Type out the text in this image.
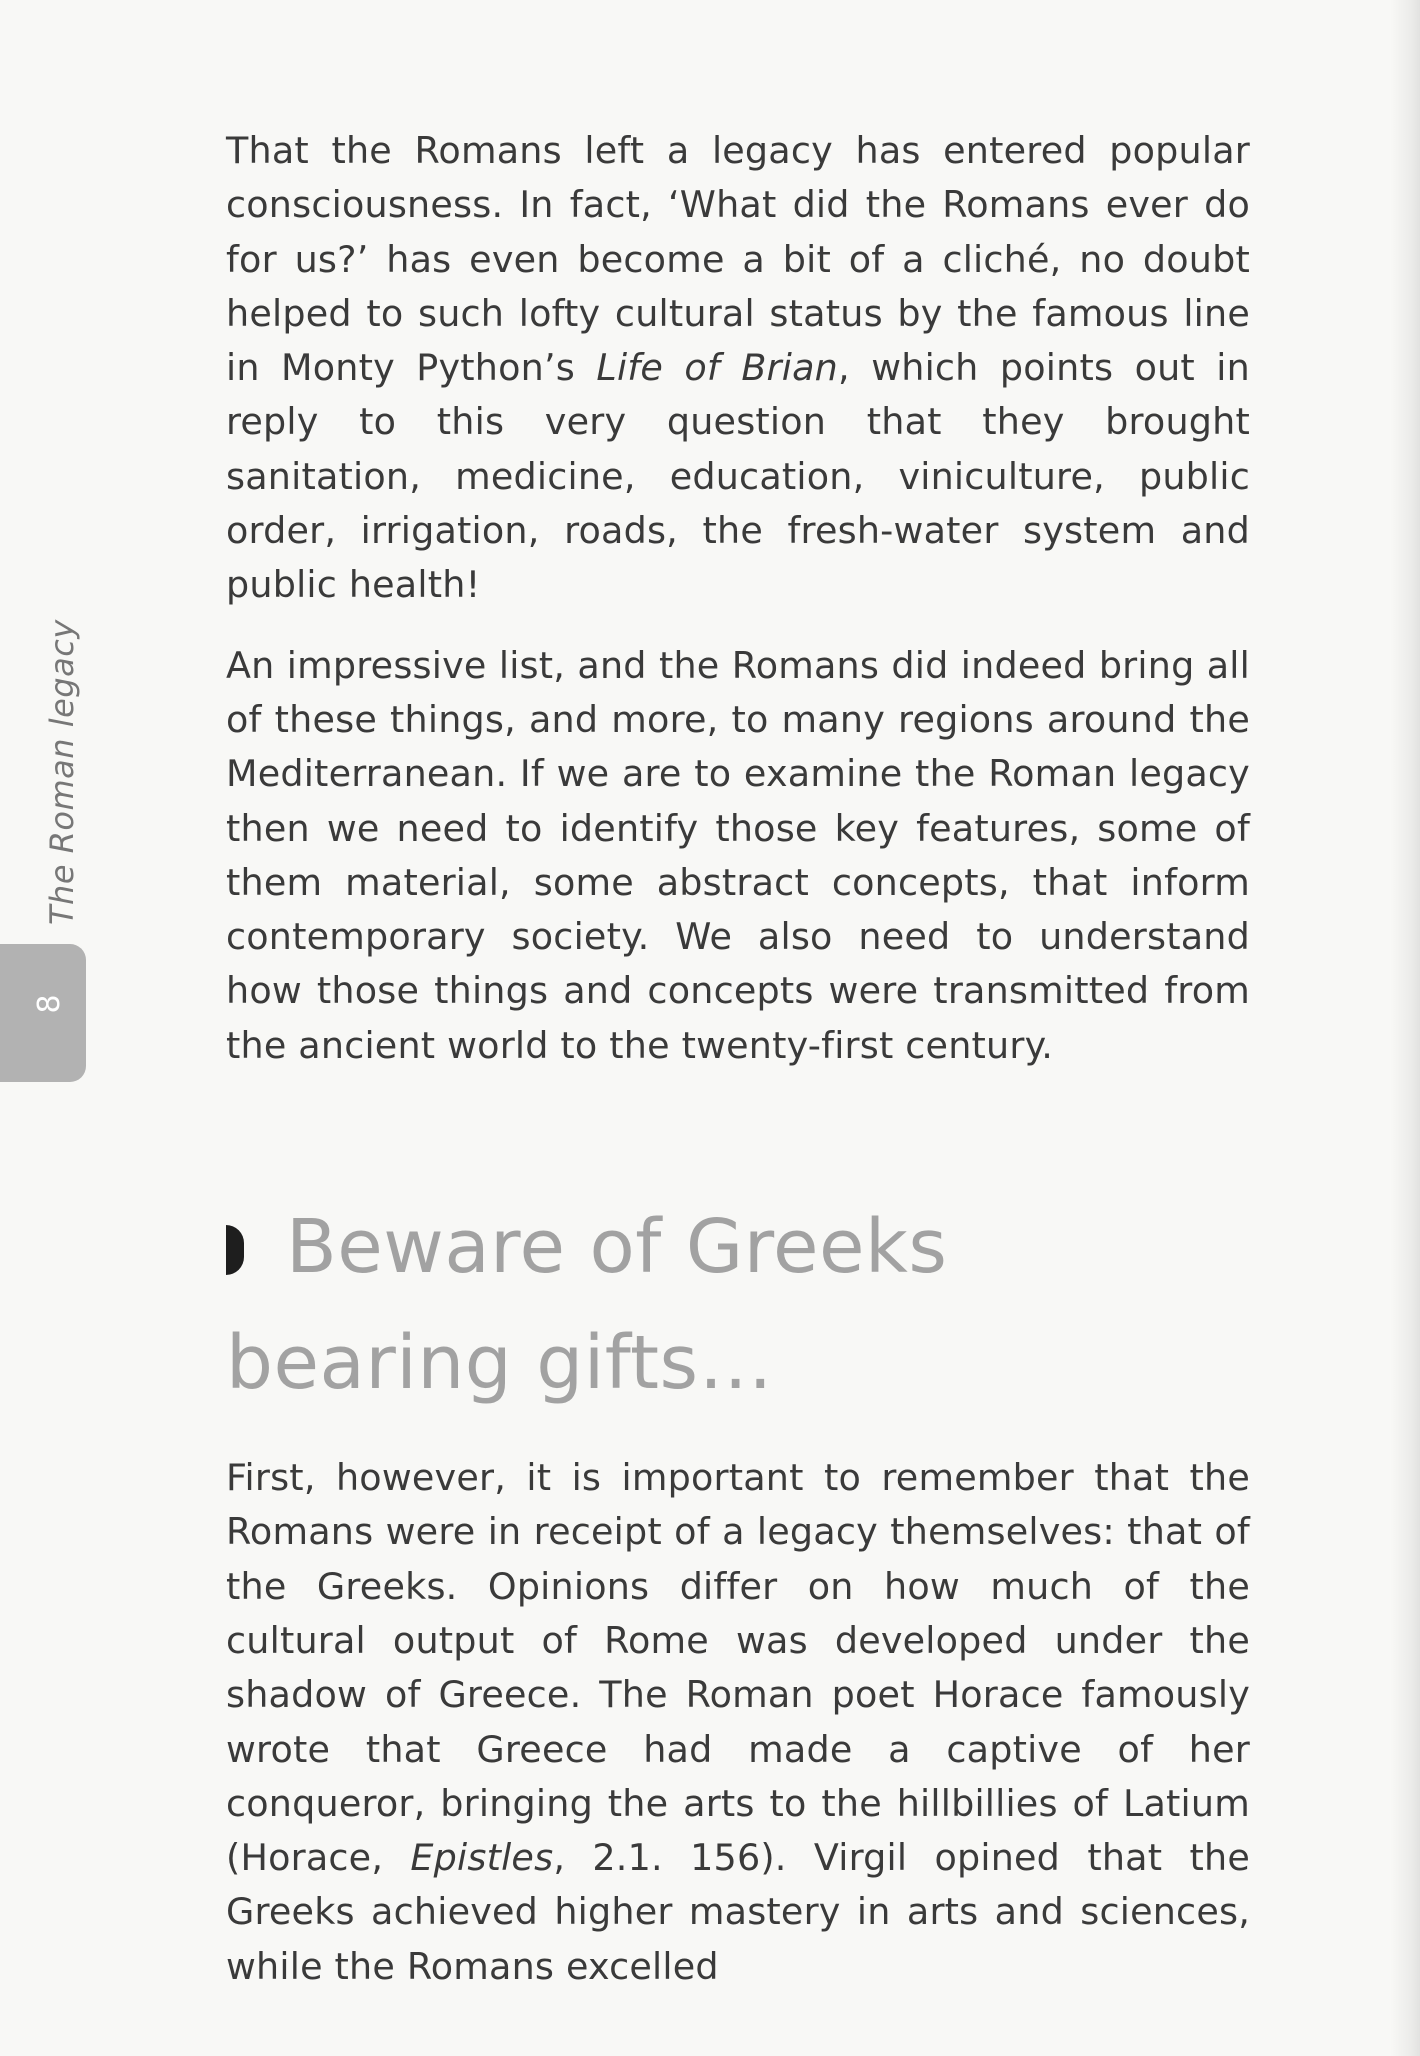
The Roman legacy
8

That the Romans left a legacy has entered popular consciousness. In fact, ‘What did the Romans ever do for us?’ has even become a bit of a cliché, no doubt helped to such lofty cultural status by the famous line in Monty Python’s Life of Brian, which points out in reply to this very question that they brought sanitation, medicine, education, viniculture, public order, irrigation, roads, the fresh-water system and public health!

An impressive list, and the Romans did indeed bring all of these things, and more, to many regions around the Mediterranean. If we are to examine the Roman legacy then we need to identify those key features, some of them material, some abstract concepts, that inform contemporary society. We also need to understand how those things and concepts were transmitted from the ancient world to the twenty-first century.

Beware of Greeks bearing gifts…

First, however, it is important to remember that the Romans were in receipt of a legacy themselves: that of the Greeks. Opinions differ on how much of the cultural output of Rome was developed under the shadow of Greece. The Roman poet Horace famously wrote that Greece had made a captive of her conqueror, bringing the arts to the hillbillies of Latium (Horace, Epistles, 2.1. 156). Virgil opined that the Greeks achieved higher mastery in arts and sciences, while the Romans excelled
